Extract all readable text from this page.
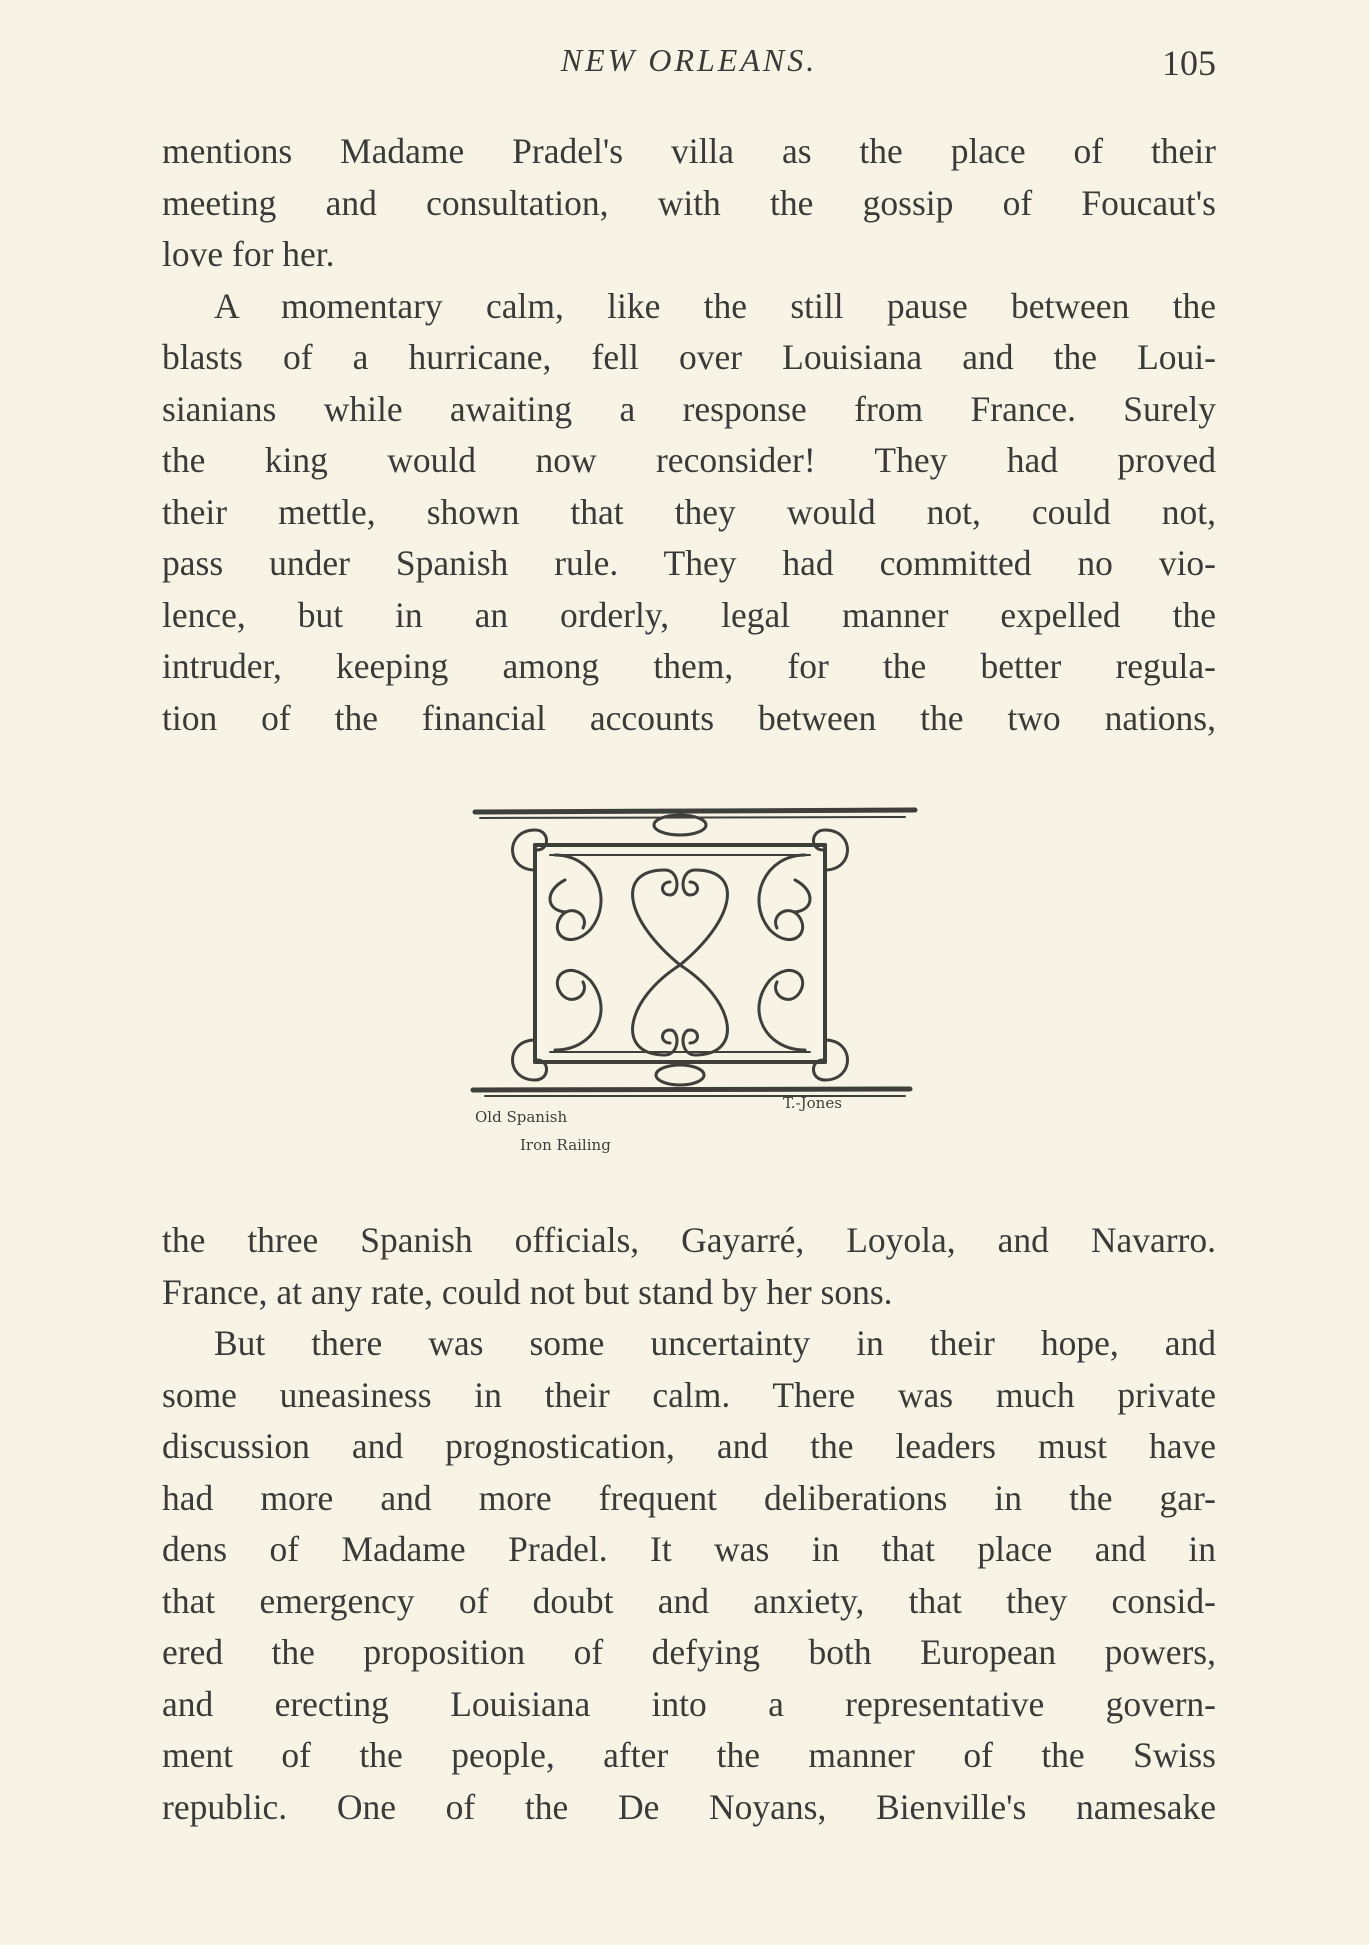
NEW ORLEANS.	105
mentions Madame Pradel's villa as the place of their
meeting and consultation, with the gossip of Foucaut's
love for her.
A momentary calm, like the still pause between the
blasts of a hurricane, fell over Louisiana and the Loui-
sianians while awaiting a response from France. Surely
the king would now reconsider! They had proved
their mettle, shown that they would not, could not,
pass under Spanish rule. They had committed no vio-
lence, but in an orderly, legal manner expelled the
intruder, keeping among them, for the better regula-
tion of the financial accounts between the two nations,
Old Spanish
Iron Railing
T.-Jones
the three Spanish officials, Gayarré, Loyola, and Navarro.
France, at any rate, could not but stand by her sons.
But there was some uncertainty in their hope, and
some uneasiness in their calm. There was much private
discussion and prognostication, and the leaders must have
had more and more frequent deliberations in the gar-
dens of Madame Pradel. It was in that place and in
that emergency of doubt and anxiety, that they consid-
ered the proposition of defying both European powers,
and erecting Louisiana into a representative govern-
ment of the people, after the manner of the Swiss
republic. One of the De Noyans, Bienville's namesake
